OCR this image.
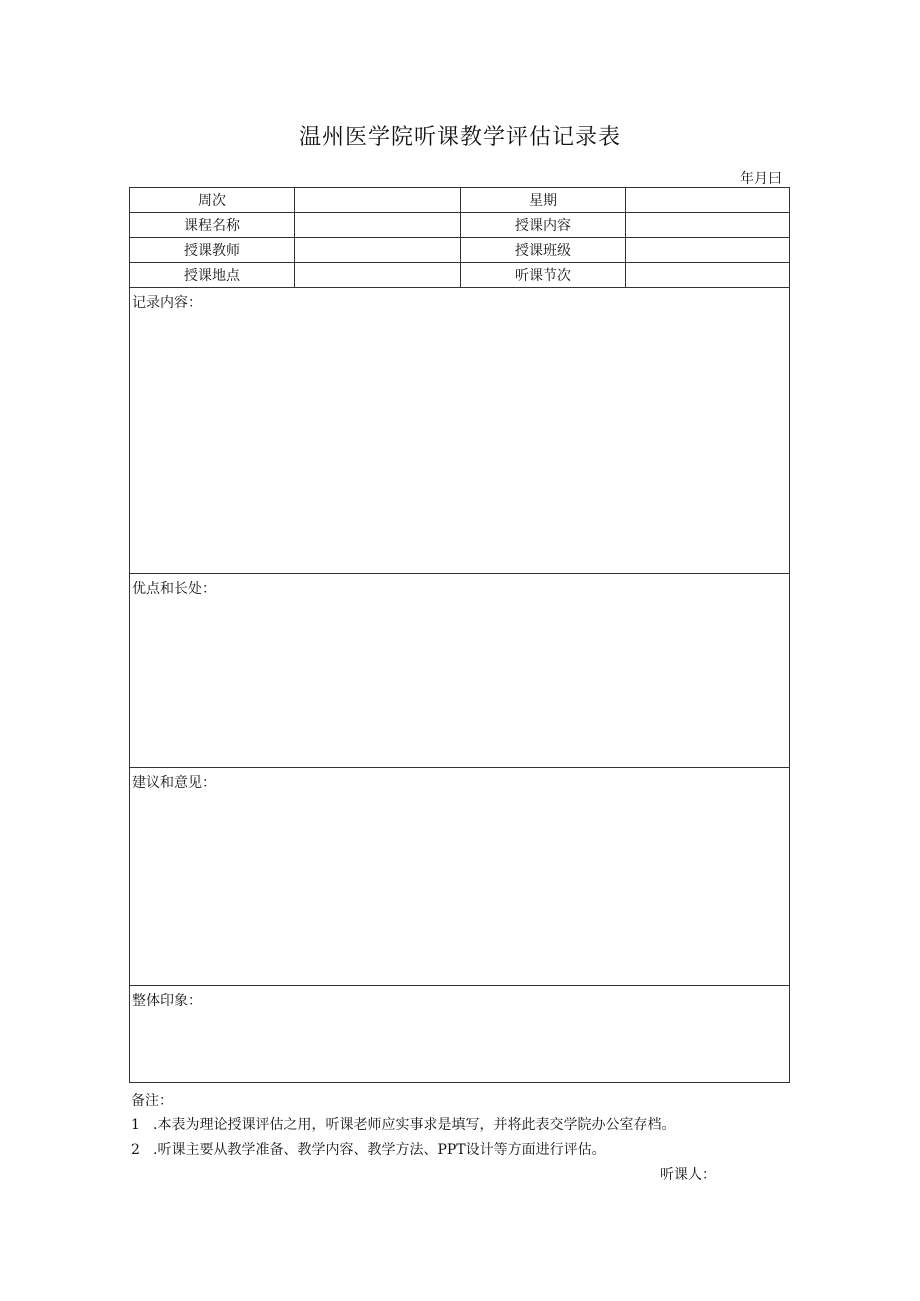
温州医学院听课教学评估记录表
年月曰
周次	星期
课程名称	授课内容
授课教师	授课班级
授课地点	听课节次
记录内容：
优点和长处：
建议和意见：
整体印象：
备注：
1 .本表为理论授课评估之用，听课老师应实事求是填写，并将此表交学院办公室存档。
2 .听课主要从教学准备、教学内容、教学方法、PPT设计等方面进行评估。
听课人：
